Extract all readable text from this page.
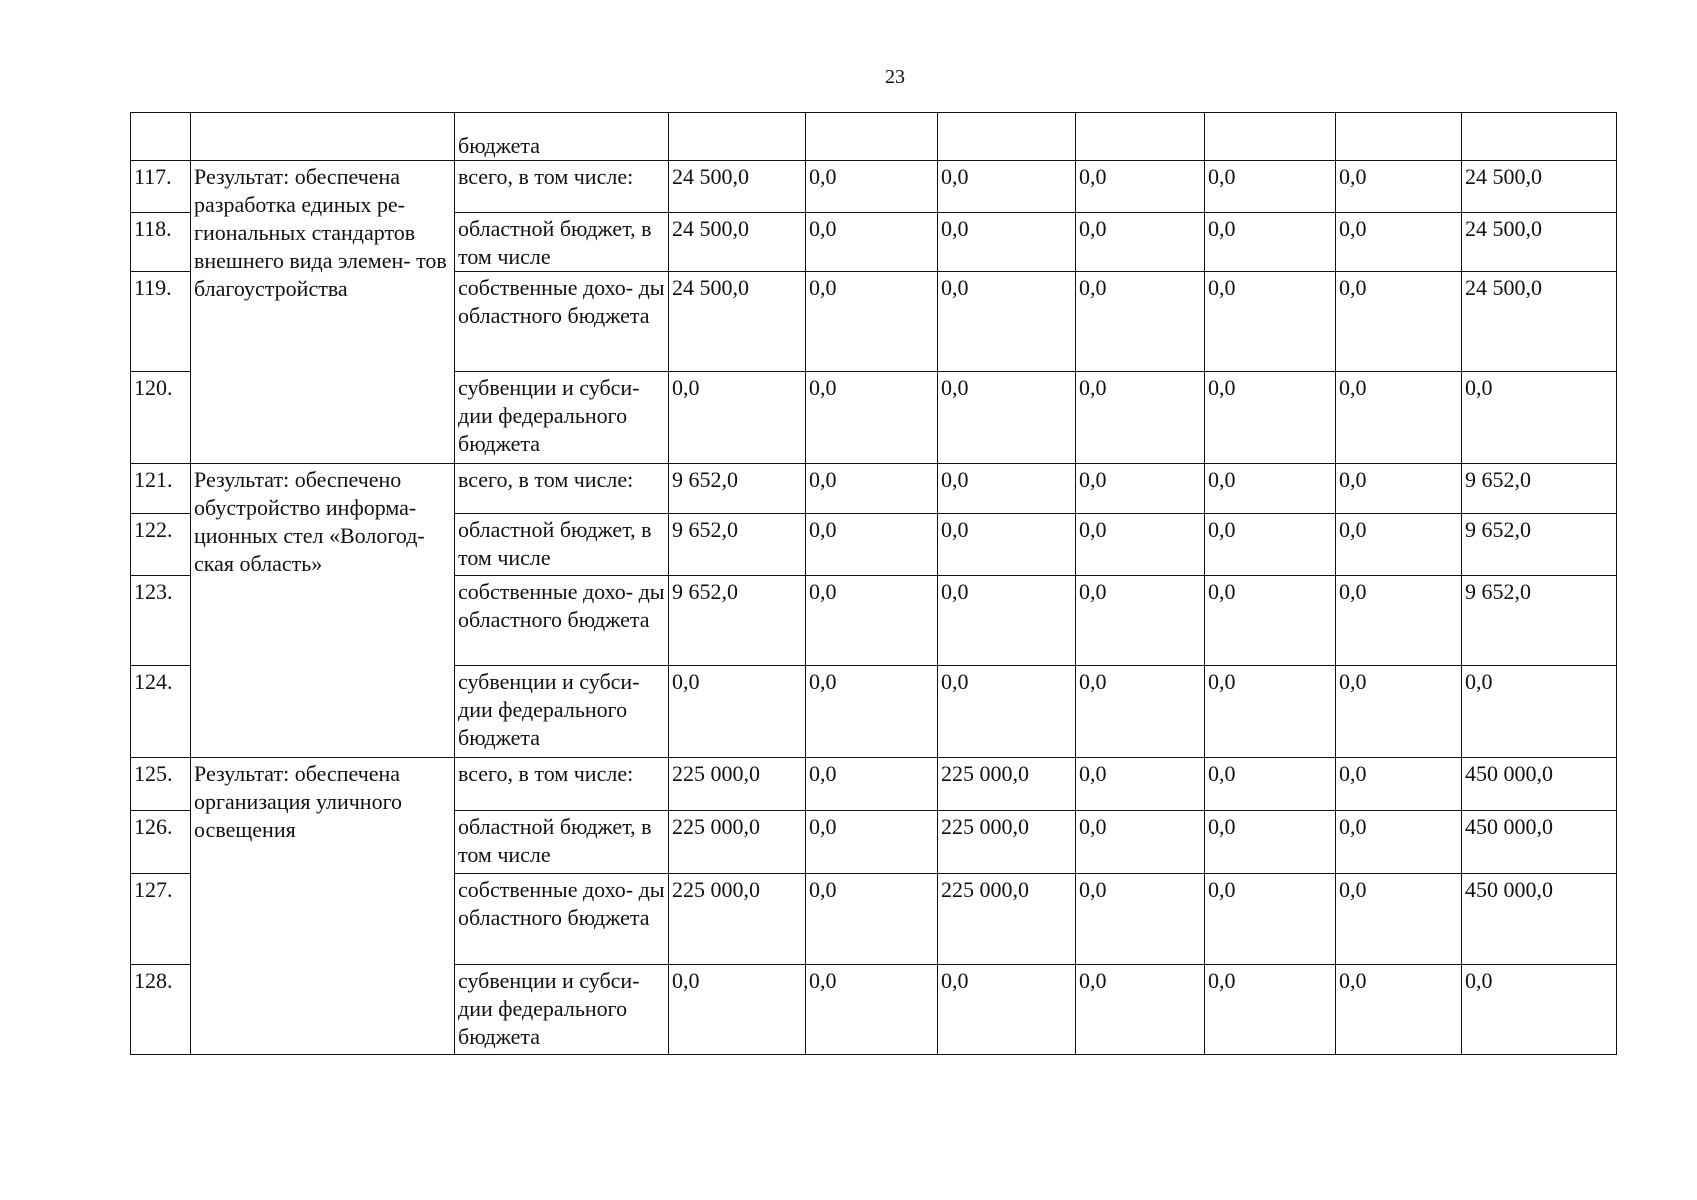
23
		бюджета							
117.	Результат: обеспечена разработка единых ре- гиональных стандартов внешнего вида элемен- тов благоустройства	всего, в том числе:	24 500,0	0,0	0,0	0,0	0,0	0,0	24 500,0
118.		областной бюджет, в том числе	24 500,0	0,0	0,0	0,0	0,0	0,0	24 500,0
119.		собственные дохо- ды областного бюджета	24 500,0	0,0	0,0	0,0	0,0	0,0	24 500,0
120.		субвенции и субси- дии федерального бюджета	0,0	0,0	0,0	0,0	0,0	0,0	0,0
121.	Результат: обеспечено обустройство информа- ционных стел «Вологод- ская область»	всего, в том числе:	9 652,0	0,0	0,0	0,0	0,0	0,0	9 652,0
122.		областной бюджет, в том числе	9 652,0	0,0	0,0	0,0	0,0	0,0	9 652,0
123.		собственные дохо- ды областного бюджета	9 652,0	0,0	0,0	0,0	0,0	0,0	9 652,0
124.		субвенции и субси- дии федерального бюджета	0,0	0,0	0,0	0,0	0,0	0,0	0,0
125.	Результат: обеспечена организация уличного освещения	всего, в том числе:	225 000,0	0,0	225 000,0	0,0	0,0	0,0	450 000,0
126.		областной бюджет, в том числе	225 000,0	0,0	225 000,0	0,0	0,0	0,0	450 000,0
127.		собственные дохо- ды областного бюджета	225 000,0	0,0	225 000,0	0,0	0,0	0,0	450 000,0
128.		субвенции и субси- дии федерального бюджета	0,0	0,0	0,0	0,0	0,0	0,0	0,0
